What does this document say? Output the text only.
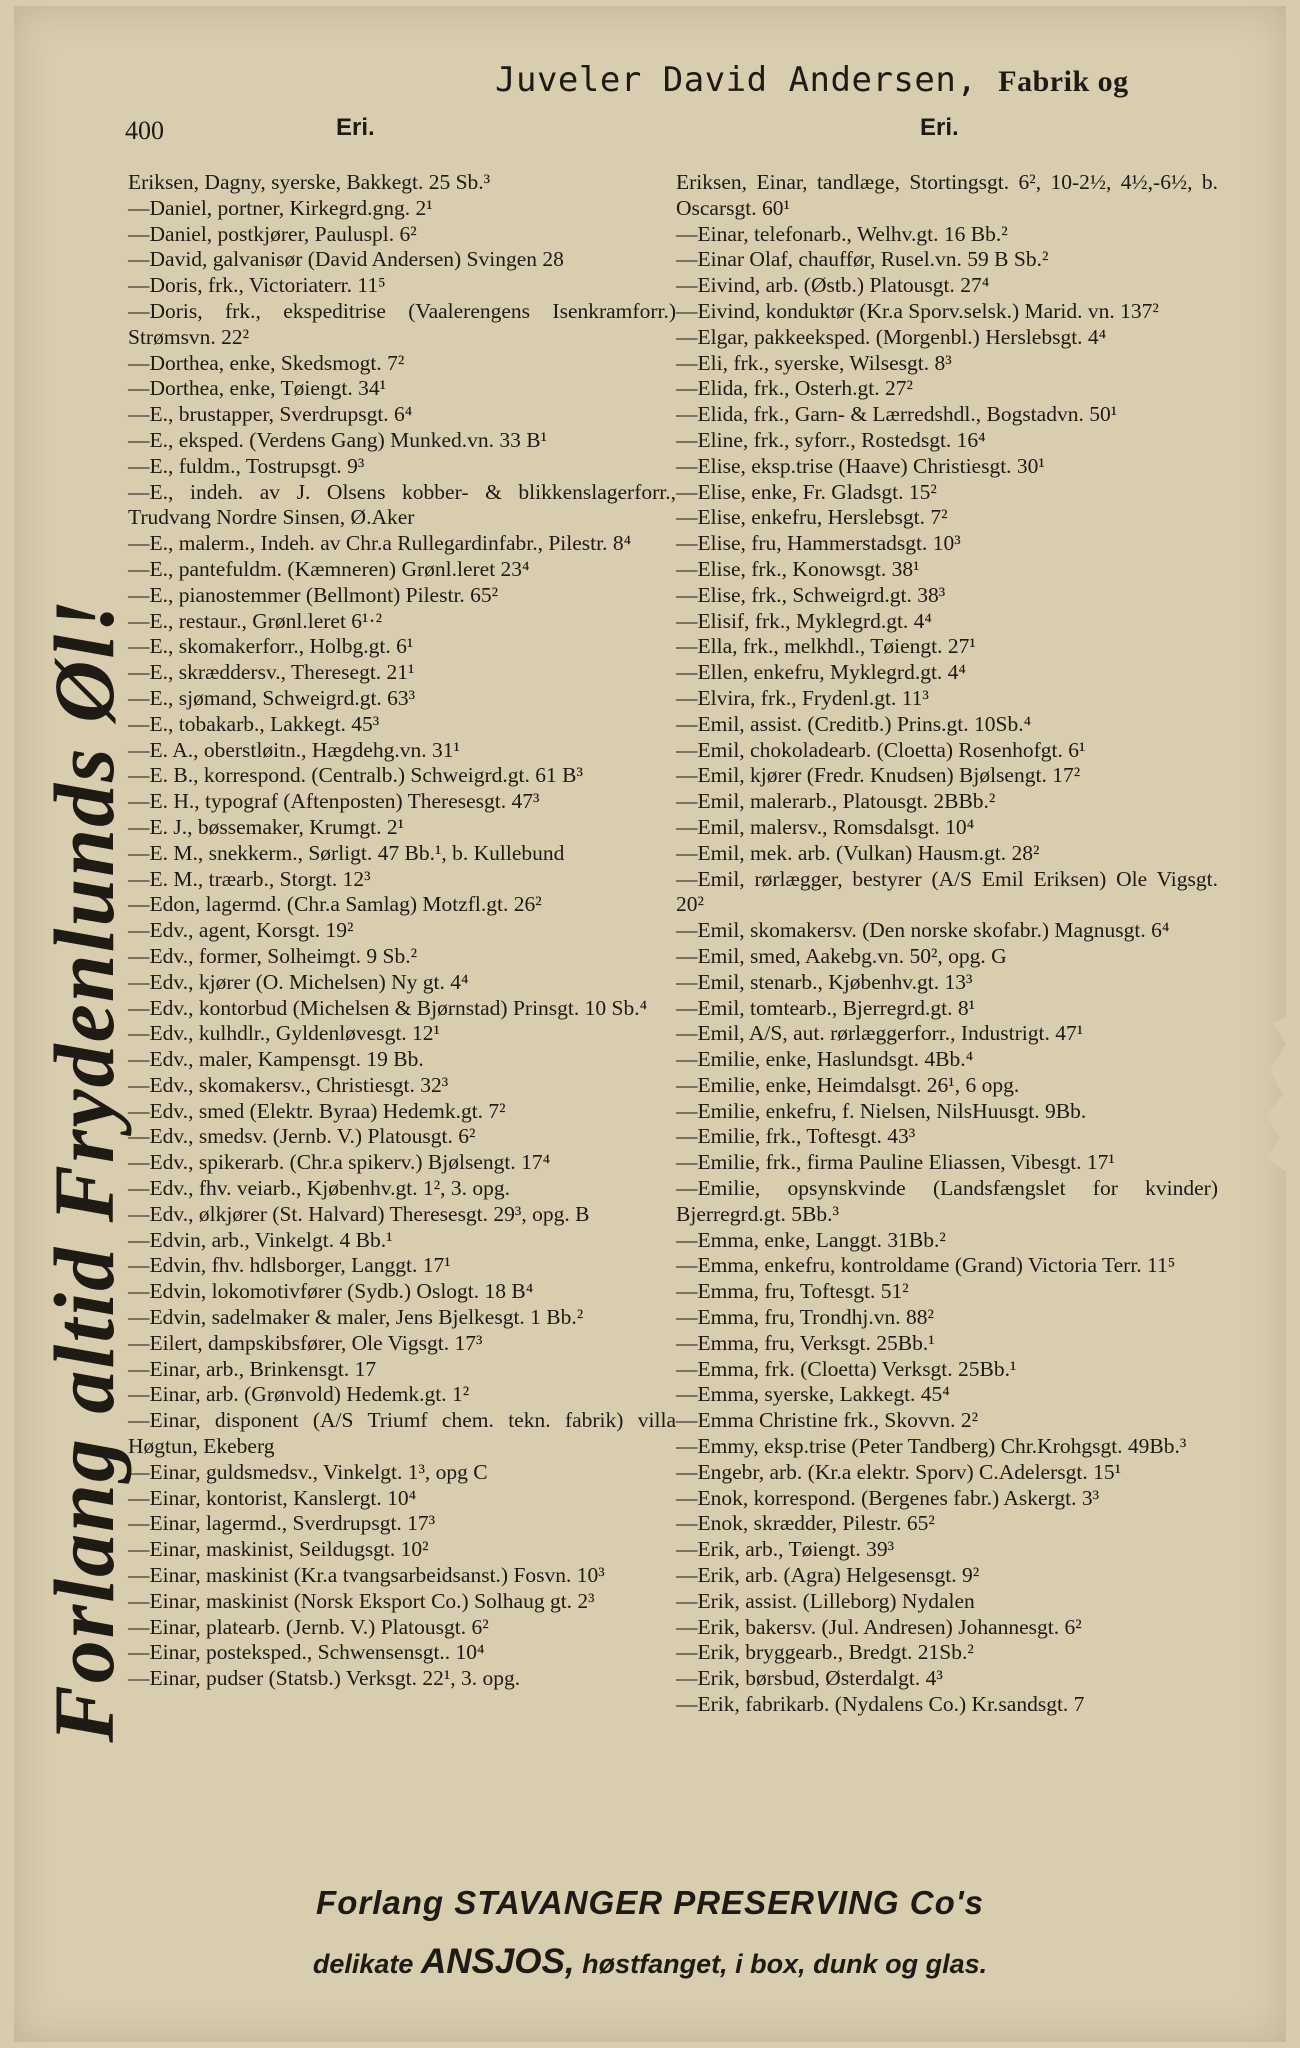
Juveler David Andersen, Fabrik og
400	Eri.	Eri.
Forlang altid Frydenlunds Øl!
Eriksen, Dagny, syerske, Bakkegt. 25 Sb.³
—Daniel, portner, Kirkegrd.gng. 2¹
—Daniel, postkjører, Pauluspl. 6²
—David, galvanisør (David Andersen) Svingen 28
—Doris, frk., Victoriaterr. 11⁵
—Doris, frk., ekspeditrise (Vaalerengens Isenkramforr.) Strømsvn. 22²
—Dorthea, enke, Skedsmogt. 7²
—Dorthea, enke, Tøiengt. 34¹
—E., brustapper, Sverdrupsgt. 6⁴
—E., eksped. (Verdens Gang) Munked.vn. 33 B¹
—E., fuldm., Tostrupsgt. 9³
—E., indeh. av J. Olsens kobber- & blikkenslagerforr., Trudvang Nordre Sinsen, Ø.Aker
—E., malerm., Indeh. av Chr.a Rullegardinfabr., Pilestr. 8⁴
—E., pantefuldm. (Kæmneren) Grønl.leret 23⁴
—E., pianostemmer (Bellmont) Pilestr. 65²
—E., restaur., Grønl.leret 6¹·²
—E., skomakerforr., Holbg.gt. 6¹
—E., skræddersv., Theresegt. 21¹
—E., sjømand, Schweigrd.gt. 63³
—E., tobakarb., Lakkegt. 45³
—E. A., oberstløitn., Hægdehg.vn. 31¹
—E. B., korrespond. (Centralb.) Schweigrd.gt. 61 B³
—E. H., typograf (Aftenposten) Theresesgt. 47³
—E. J., bøssemaker, Krumgt. 2¹
—E. M., snekkerm., Sørligt. 47 Bb.¹, b. Kullebund
—E. M., træarb., Storgt. 12³
—Edon, lagermd. (Chr.a Samlag) Motzfl.gt. 26²
—Edv., agent, Korsgt. 19²
—Edv., former, Solheimgt. 9 Sb.²
—Edv., kjører (O. Michelsen) Ny gt. 4⁴
—Edv., kontorbud (Michelsen & Bjørnstad) Prinsgt. 10 Sb.⁴
—Edv., kulhdlr., Gyldenløvesgt. 12¹
—Edv., maler, Kampensgt. 19 Bb.
—Edv., skomakersv., Christiesgt. 32³
—Edv., smed (Elektr. Byraa) Hedemk.gt. 7²
—Edv., smedsv. (Jernb. V.) Platousgt. 6²
—Edv., spikerarb. (Chr.a spikerv.) Bjølsengt. 17⁴
—Edv., fhv. veiarb., Kjøbenhv.gt. 1², 3. opg.
—Edv., ølkjører (St. Halvard) Theresesgt. 29³, opg. B
—Edvin, arb., Vinkelgt. 4 Bb.¹
—Edvin, fhv. hdlsborger, Langgt. 17¹
—Edvin, lokomotivfører (Sydb.) Oslogt. 18 B⁴
—Edvin, sadelmaker & maler, Jens Bjelkesgt. 1 Bb.²
—Eilert, dampskibsfører, Ole Vigsgt. 17³
—Einar, arb., Brinkensgt. 17
—Einar, arb. (Grønvold) Hedemk.gt. 1²
—Einar, disponent (A/S Triumf chem. tekn. fabrik) villa Høgtun, Ekeberg
—Einar, guldsmedsv., Vinkelgt. 1³, opg C
—Einar, kontorist, Kanslergt. 10⁴
—Einar, lagermd., Sverdrupsgt. 17³
—Einar, maskinist, Seildugsgt. 10²
—Einar, maskinist (Kr.a tvangsarbeidsanst.) Fosvn. 10³
—Einar, maskinist (Norsk Eksport Co.) Solhaug gt. 2³
—Einar, platearb. (Jernb. V.) Platousgt. 6²
—Einar, posteksped., Schwensensgt.. 10⁴
—Einar, pudser (Statsb.) Verksgt. 22¹, 3. opg.
Eriksen, Einar, tandlæge, Stortingsgt. 6², 10-2½, 4½,-6½, b. Oscarsgt. 60¹
—Einar, telefonarb., Welhv.gt. 16 Bb.²
—Einar Olaf, chauffør, Rusel.vn. 59 B Sb.²
—Eivind, arb. (Østb.) Platousgt. 27⁴
—Eivind, konduktør (Kr.a Sporv.selsk.) Marid. vn. 137²
—Elgar, pakkeeksped. (Morgenbl.) Herslebsgt. 4⁴
—Eli, frk., syerske, Wilsesgt. 8³
—Elida, frk., Osterh.gt. 27²
—Elida, frk., Garn- & Lærredshdl., Bogstadvn. 50¹
—Eline, frk., syforr., Rostedsgt. 16⁴
—Elise, eksp.trise (Haave) Christiesgt. 30¹
—Elise, enke, Fr. Gladsgt. 15²
—Elise, enkefru, Herslebsgt. 7²
—Elise, fru, Hammerstadsgt. 10³
—Elise, frk., Konowsgt. 38¹
—Elise, frk., Schweigrd.gt. 38³
—Elisif, frk., Myklegrd.gt. 4⁴
—Ella, frk., melkhdl., Tøiengt. 27¹
—Ellen, enkefru, Myklegrd.gt. 4⁴
—Elvira, frk., Frydenl.gt. 11³
—Emil, assist. (Creditb.) Prins.gt. 10Sb.⁴
—Emil, chokoladearb. (Cloetta) Rosenhofgt. 6¹
—Emil, kjører (Fredr. Knudsen) Bjølsengt. 17²
—Emil, malerarb., Platousgt. 2BBb.²
—Emil, malersv., Romsdalsgt. 10⁴
—Emil, mek. arb. (Vulkan) Hausm.gt. 28²
—Emil, rørlægger, bestyrer (A/S Emil Eriksen) Ole Vigsgt. 20²
—Emil, skomakersv. (Den norske skofabr.) Magnusgt. 6⁴
—Emil, smed, Aakebg.vn. 50², opg. G
—Emil, stenarb., Kjøbenhv.gt. 13³
—Emil, tomtearb., Bjerregrd.gt. 8¹
—Emil, A/S, aut. rørlæggerforr., Industrigt. 47¹
—Emilie, enke, Haslundsgt. 4Bb.⁴
—Emilie, enke, Heimdalsgt. 26¹, 6 opg.
—Emilie, enkefru, f. Nielsen, NilsHuusgt. 9Bb.
—Emilie, frk., Toftesgt. 43³
—Emilie, frk., firma Pauline Eliassen, Vibesgt. 17¹
—Emilie, opsynskvinde (Landsfængslet for kvinder) Bjerregrd.gt. 5Bb.³
—Emma, enke, Langgt. 31Bb.²
—Emma, enkefru, kontroldame (Grand) Victoria Terr. 11⁵
—Emma, fru, Toftesgt. 51²
—Emma, fru, Trondhj.vn. 88²
—Emma, fru, Verksgt. 25Bb.¹
—Emma, frk. (Cloetta) Verksgt. 25Bb.¹
—Emma, syerske, Lakkegt. 45⁴
—Emma Christine frk., Skovvn. 2²
—Emmy, eksp.trise (Peter Tandberg) Chr.Krohgsgt. 49Bb.³
—Engebr, arb. (Kr.a elektr. Sporv) C.Adelersgt. 15¹
—Enok, korrespond. (Bergenes fabr.) Askergt. 3³
—Enok, skrædder, Pilestr. 65²
—Erik, arb., Tøiengt. 39³
—Erik, arb. (Agra) Helgesensgt. 9²
—Erik, assist. (Lilleborg) Nydalen
—Erik, bakersv. (Jul. Andresen) Johannesgt. 6²
—Erik, bryggearb., Bredgt. 21Sb.²
—Erik, børsbud, Østerdalgt. 4³
—Erik, fabrikarb. (Nydalens Co.) Kr.sandsgt. 7
Forlang STAVANGER PRESERVING Co's
delikate ANSJOS, høstfanget, i box, dunk og glas.
